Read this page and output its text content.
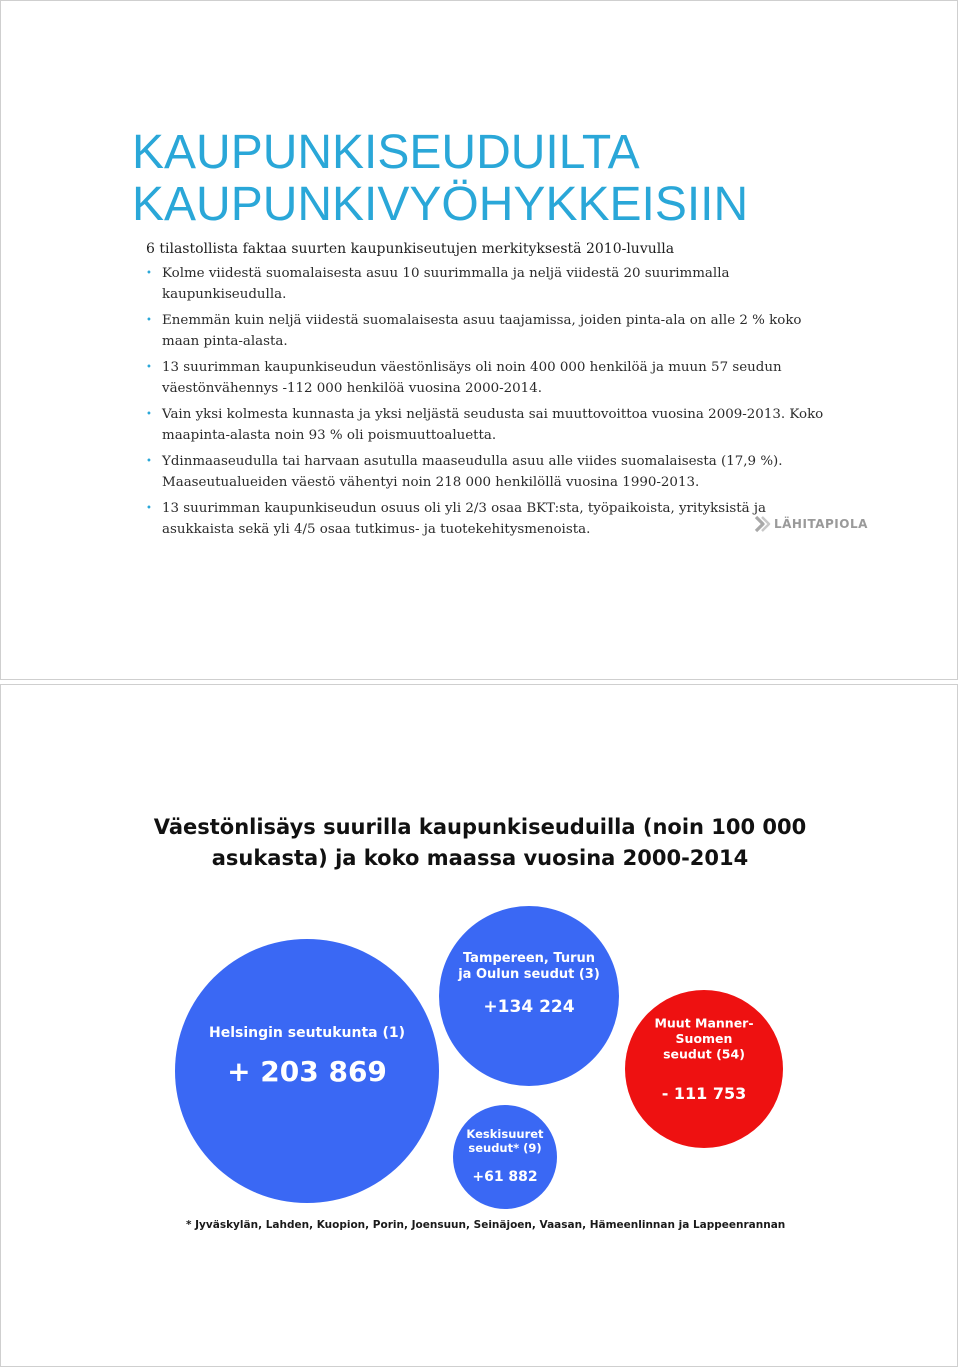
KAUPUNKISEUDUILTA
KAUPUNKIVYÖHYKKEISIIN

6 tilastollista faktaa suurten kaupunkiseutujen merkityksestä 2010-luvulla

• Kolme viidestä suomalaisesta asuu 10 suurimmalla ja neljä viidestä 20 suurimmalla kaupunkiseudulla.
• Enemmän kuin neljä viidestä suomalaisesta asuu taajamissa, joiden pinta-ala on alle 2 % koko maan pinta-alasta.
• 13 suurimman kaupunkiseudun väestönlisäys oli noin 400 000 henkilöä ja muun 57 seudun väestönvähennys -112 000 henkilöä vuosina 2000-2014.
• Vain yksi kolmesta kunnasta ja yksi neljästä seudusta sai muuttovoittoa vuosina 2009-2013. Koko maapinta-alasta noin 93 % oli poismuuttoaluetta.
• Ydinmaaseudulla tai harvaan asutulla maaseudulla asuu alle viides suomalaisesta (17,9 %). Maaseutualueiden väestö vähentyi noin 218 000 henkilöllä vuosina 1990-2013.
• 13 suurimman kaupunkiseudun osuus oli yli 2/3 osaa BKT:sta, työpaikoista, yrityksistä ja asukkaista sekä yli 4/5 osaa tutkimus- ja tuotekehitysmenoista.	LÄHITAPIOLA
Väestönlisäys suurilla kaupunkiseuduilla (noin 100 000
asukasta) ja koko maassa vuosina 2000-2014
Helsingin seutukunta (1)
+ 203 869
Tampereen, Turun
ja Oulun seudut (3)
+134 224
Keskisuuret
seudut* (9)
+61 882
Muut Manner-
Suomen
seudut (54)
- 111 753

* Jyväskylän, Lahden, Kuopion, Porin, Joensuun, Seinäjoen, Vaasan, Hämeenlinnan ja Lappeenrannan
